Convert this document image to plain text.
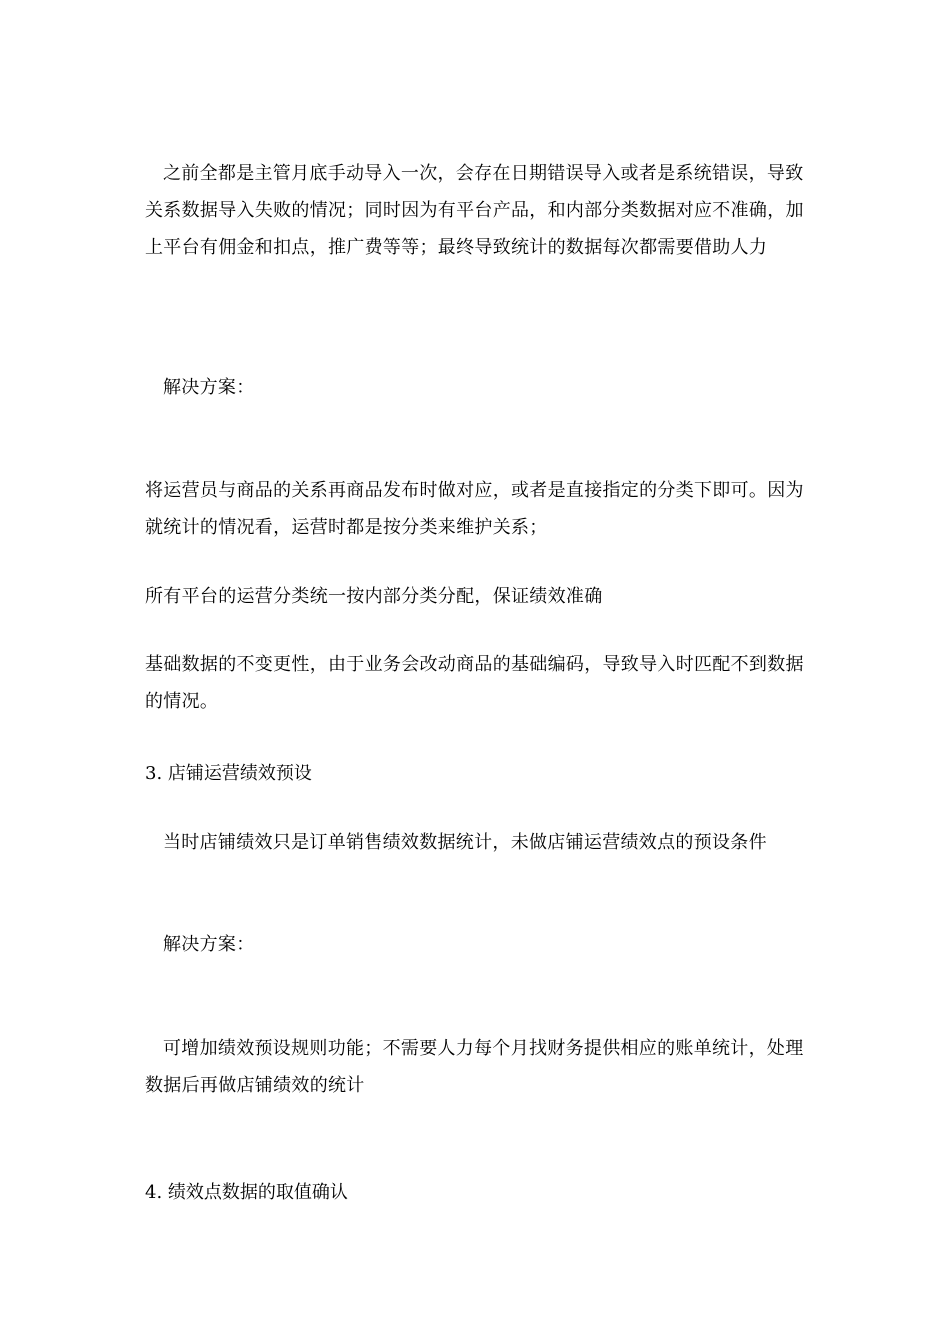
之前全都是主管月底手动导入一次，会存在日期错误导入或者是系统错误，导致关系数据导入失败的情况；同时因为有平台产品，和内部分类数据对应不准确，加上平台有佣金和扣点，推广费等等；最终导致统计的数据每次都需要借助人力

解决方案：

将运营员与商品的关系再商品发布时做对应，或者是直接指定的分类下即可。因为就统计的情况看，运营时都是按分类来维护关系；

所有平台的运营分类统一按内部分类分配，保证绩效准确

基础数据的不变更性，由于业务会改动商品的基础编码，导致导入时匹配不到数据的情况。

3. 店铺运营绩效预设

当时店铺绩效只是订单销售绩效数据统计，未做店铺运营绩效点的预设条件

解决方案：

可增加绩效预设规则功能；不需要人力每个月找财务提供相应的账单统计，处理数据后再做店铺绩效的统计

4. 绩效点数据的取值确认
